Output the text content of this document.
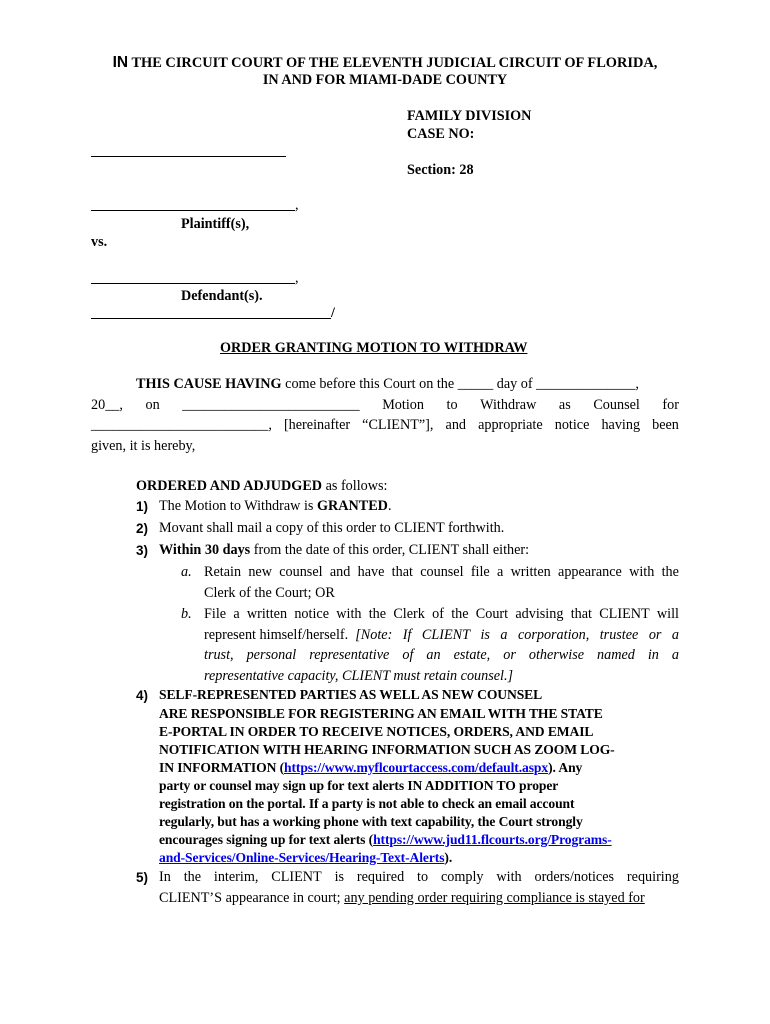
IN THE CIRCUIT COURT OF THE ELEVENTH JUDICIAL CIRCUIT OF FLORIDA,
IN AND FOR MIAMI-DADE COUNTY
FAMILY DIVISION
CASE NO:
Section: 28
,
Plaintiff(s),
vs.
,
Defendant(s).
/
ORDER GRANTING MOTION TO WITHDRAW
THIS CAUSE HAVING come before this Court on the _____ day of ______________,
20__, on _________________________ Motion to Withdraw as Counsel for
_________________________, [hereinafter “CLIENT”], and appropriate notice having been
given, it is hereby,
ORDERED AND ADJUDGED as follows:
1) The Motion to Withdraw is GRANTED.
2) Movant shall mail a copy of this order to CLIENT forthwith.
3) Within 30 days from the date of this order, CLIENT shall either:
a. Retain new counsel and have that counsel file a written appearance with the
Clerk of the Court; OR
b. File a written notice with the Clerk of the Court advising that CLIENT will
represent himself/herself. [Note: If CLIENT is a corporation, trustee or a
trust, personal representative of an estate, or otherwise named in a
representative capacity, CLIENT must retain counsel.]
4) SELF-REPRESENTED PARTIES AS WELL AS NEW COUNSEL
ARE RESPONSIBLE FOR REGISTERING AN EMAIL WITH THE STATE
E-PORTAL IN ORDER TO RECEIVE NOTICES, ORDERS, AND EMAIL
NOTIFICATION WITH HEARING INFORMATION SUCH AS ZOOM LOG-
IN INFORMATION (https://www.myflcourtaccess.com/default.aspx). Any
party or counsel may sign up for text alerts IN ADDITION TO proper
registration on the portal. If a party is not able to check an email account
regularly, but has a working phone with text capability, the Court strongly
encourages signing up for text alerts (https://www.jud11.flcourts.org/Programs-
and-Services/Online-Services/Hearing-Text-Alerts).
5) In the interim, CLIENT is required to comply with orders/notices requiring
CLIENT’S appearance in court; any pending order requiring compliance is stayed for
